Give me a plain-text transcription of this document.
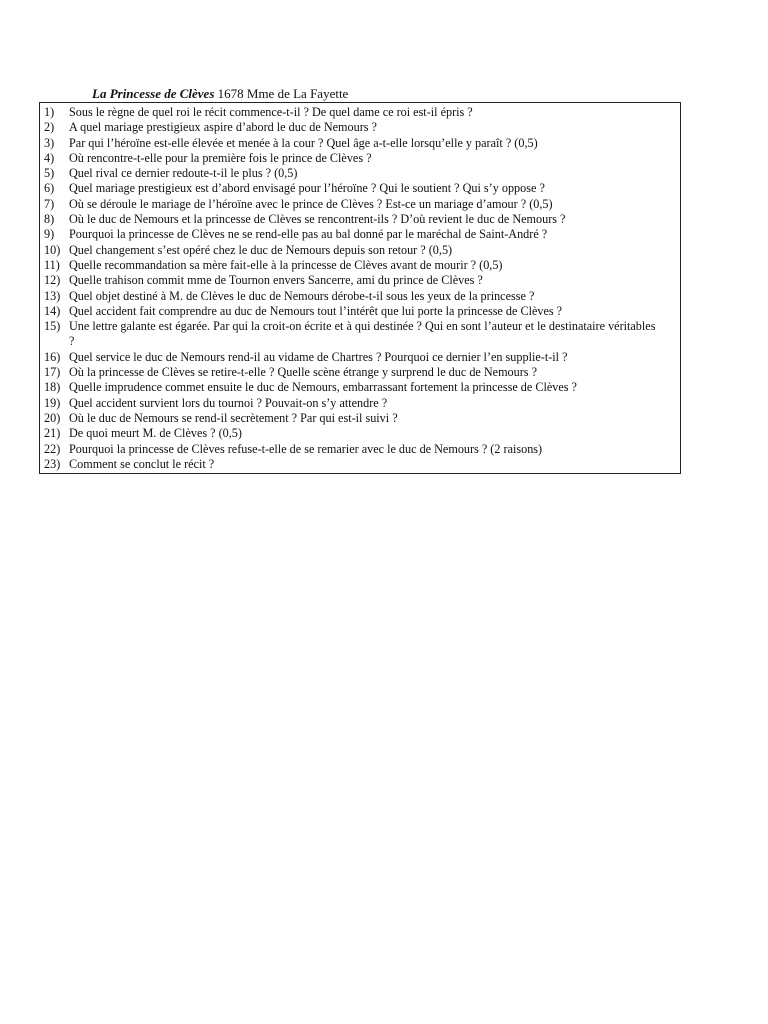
La Princesse de Clèves 1678 Mme de La Fayette
1)	Sous le règne de quel roi le récit commence-t-il ? De quel dame ce roi est-il épris ?
2)	A quel mariage prestigieux aspire d’abord le duc de Nemours ?
3)	Par qui l’héroïne est-elle élevée et menée à la cour ? Quel âge a-t-elle lorsqu’elle y paraît ? (0,5)
4)	Où rencontre-t-elle pour la première fois le prince de Clèves ?
5)	Quel rival ce dernier redoute-t-il le plus ? (0,5)
6)	Quel mariage prestigieux est d’abord envisagé pour l’héroïne ? Qui le soutient ? Qui s’y oppose ?
7)	Où se déroule le mariage de l’héroïne avec le prince de Clèves ? Est-ce un mariage d’amour ? (0,5)
8)	Où le duc de Nemours et la princesse de Clèves se rencontrent-ils ? D’où revient le duc de Nemours ?
9)	Pourquoi la princesse de Clèves ne se rend-elle pas au bal donné par le maréchal de Saint-André ?
10) Quel changement s’est opéré chez le duc de Nemours depuis son retour ? (0,5)
11) Quelle recommandation sa mère fait-elle à la princesse de Clèves avant de mourir ? (0,5)
12) Quelle trahison commit mme de Tournon envers Sancerre, ami du prince de Clèves ?
13) Quel objet destiné à M. de Clèves le duc de Nemours dérobe-t-il sous les yeux de la princesse ?
14) Quel accident fait comprendre au duc de Nemours tout l’intérêt que lui porte la princesse de Clèves ?
15) Une lettre galante est égarée. Par qui la croit-on écrite et à qui destinée ? Qui en sont l’auteur et le destinataire véritables ?
16) Quel service le duc de Nemours rend-il au vidame de Chartres ? Pourquoi ce dernier l’en supplie-t-il ?
17) Où la princesse de Clèves se retire-t-elle ? Quelle scène étrange y surprend le duc de Nemours ?
18) Quelle imprudence commet ensuite le duc de Nemours, embarrassant fortement la princesse de Clèves ?
19) Quel accident survient lors du tournoi ? Pouvait-on s’y attendre ?
20) Où le duc de Nemours se rend-il secrètement ? Par qui est-il suivi ?
21) De quoi meurt M. de Clèves ? (0,5)
22) Pourquoi la princesse de Clèves refuse-t-elle de se remarier avec le duc de Nemours ? (2 raisons)
23) Comment se conclut le récit ?
